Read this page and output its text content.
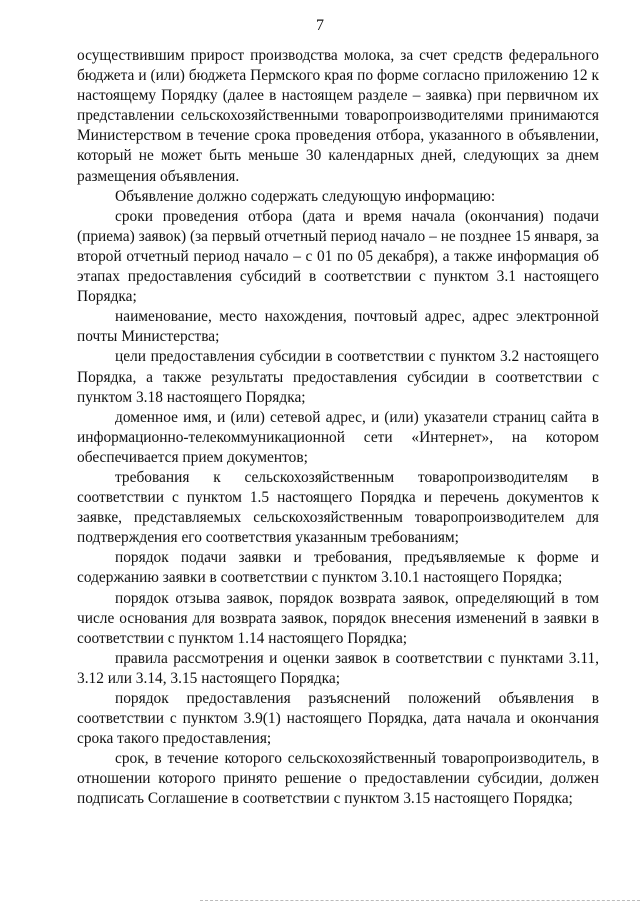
7

осуществившим прирост производства молока, за счет средств федерального бюджета и (или) бюджета Пермского края по форме согласно приложению 12 к настоящему Порядку (далее в настоящем разделе – заявка) при первичном их представлении сельскохозяйственными товаропроизводителями принимаются Министерством в течение срока проведения отбора, указанного в объявлении, который не может быть меньше 30 календарных дней, следующих за днем размещения объявления.

Объявление должно содержать следующую информацию:

сроки проведения отбора (дата и время начала (окончания) подачи (приема) заявок) (за первый отчетный период начало – не позднее 15 января, за второй отчетный период начало – с 01 по 05 декабря), а также информация об этапах предоставления субсидий в соответствии с пунктом 3.1 настоящего Порядка;

наименование, место нахождения, почтовый адрес, адрес электронной почты Министерства;

цели предоставления субсидии в соответствии с пунктом 3.2 настоящего Порядка, а также результаты предоставления субсидии в соответствии с пунктом 3.18 настоящего Порядка;

доменное имя, и (или) сетевой адрес, и (или) указатели страниц сайта в информационно-телекоммуникационной сети «Интернет», на котором обеспечивается прием документов;

требования к сельскохозяйственным товаропроизводителям в соответствии с пунктом 1.5 настоящего Порядка и перечень документов к заявке, представляемых сельскохозяйственным товаропроизводителем для подтверждения его соответствия указанным требованиям;

порядок подачи заявки и требования, предъявляемые к форме и содержанию заявки в соответствии с пунктом 3.10.1 настоящего Порядка;

порядок отзыва заявок, порядок возврата заявок, определяющий в том числе основания для возврата заявок, порядок внесения изменений в заявки в соответствии с пунктом 1.14 настоящего Порядка;

правила рассмотрения и оценки заявок в соответствии с пунктами 3.11, 3.12 или 3.14, 3.15 настоящего Порядка;

порядок предоставления разъяснений положений объявления в соответствии с пунктом 3.9(1) настоящего Порядка, дата начала и окончания срока такого предоставления;

срок, в течение которого сельскохозяйственный товаропроизводитель, в отношении которого принято решение о предоставлении субсидии, должен подписать Соглашение в соответствии с пунктом 3.15 настоящего Порядка;
